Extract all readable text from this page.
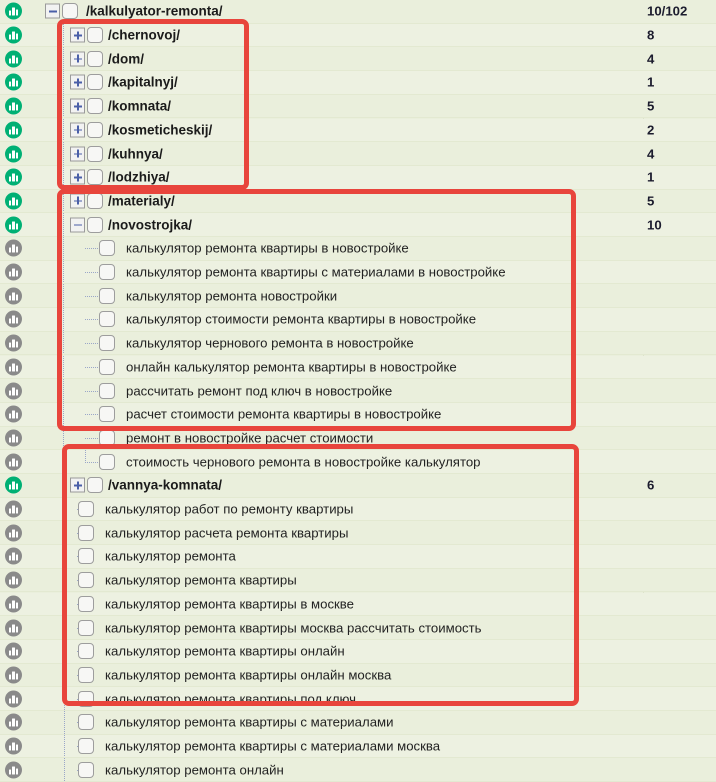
/kalkulyator-remonta/	10/102
/chernovoj/	8
/dom/	4
/kapitalnyj/	1
/komnata/	5
/kosmeticheskij/	2
/kuhnya/	4
/lodzhiya/	1
/materialy/	5
/novostrojka/	10
калькулятор ремонта квартиры в новостройке
калькулятор ремонта квартиры с материалами в новостройке
калькулятор ремонта новостройки
калькулятор стоимости ремонта квартиры в новостройке
калькулятор чернового ремонта в новостройке
онлайн калькулятор ремонта квартиры в новостройке
рассчитать ремонт под ключ в новостройке
расчет стоимости ремонта квартиры в новостройке
ремонт в новостройке расчет стоимости
стоимость чернового ремонта в новостройке калькулятор
/vannya-komnata/	6
калькулятор работ по ремонту квартиры
калькулятор расчета ремонта квартиры
калькулятор ремонта
калькулятор ремонта квартиры
калькулятор ремонта квартиры в москве
калькулятор ремонта квартиры москва рассчитать стоимость
калькулятор ремонта квартиры онлайн
калькулятор ремонта квартиры онлайн москва
калькулятор ремонта квартиры под ключ
калькулятор ремонта квартиры с материалами
калькулятор ремонта квартиры с материалами москва
калькулятор ремонта онлайн
